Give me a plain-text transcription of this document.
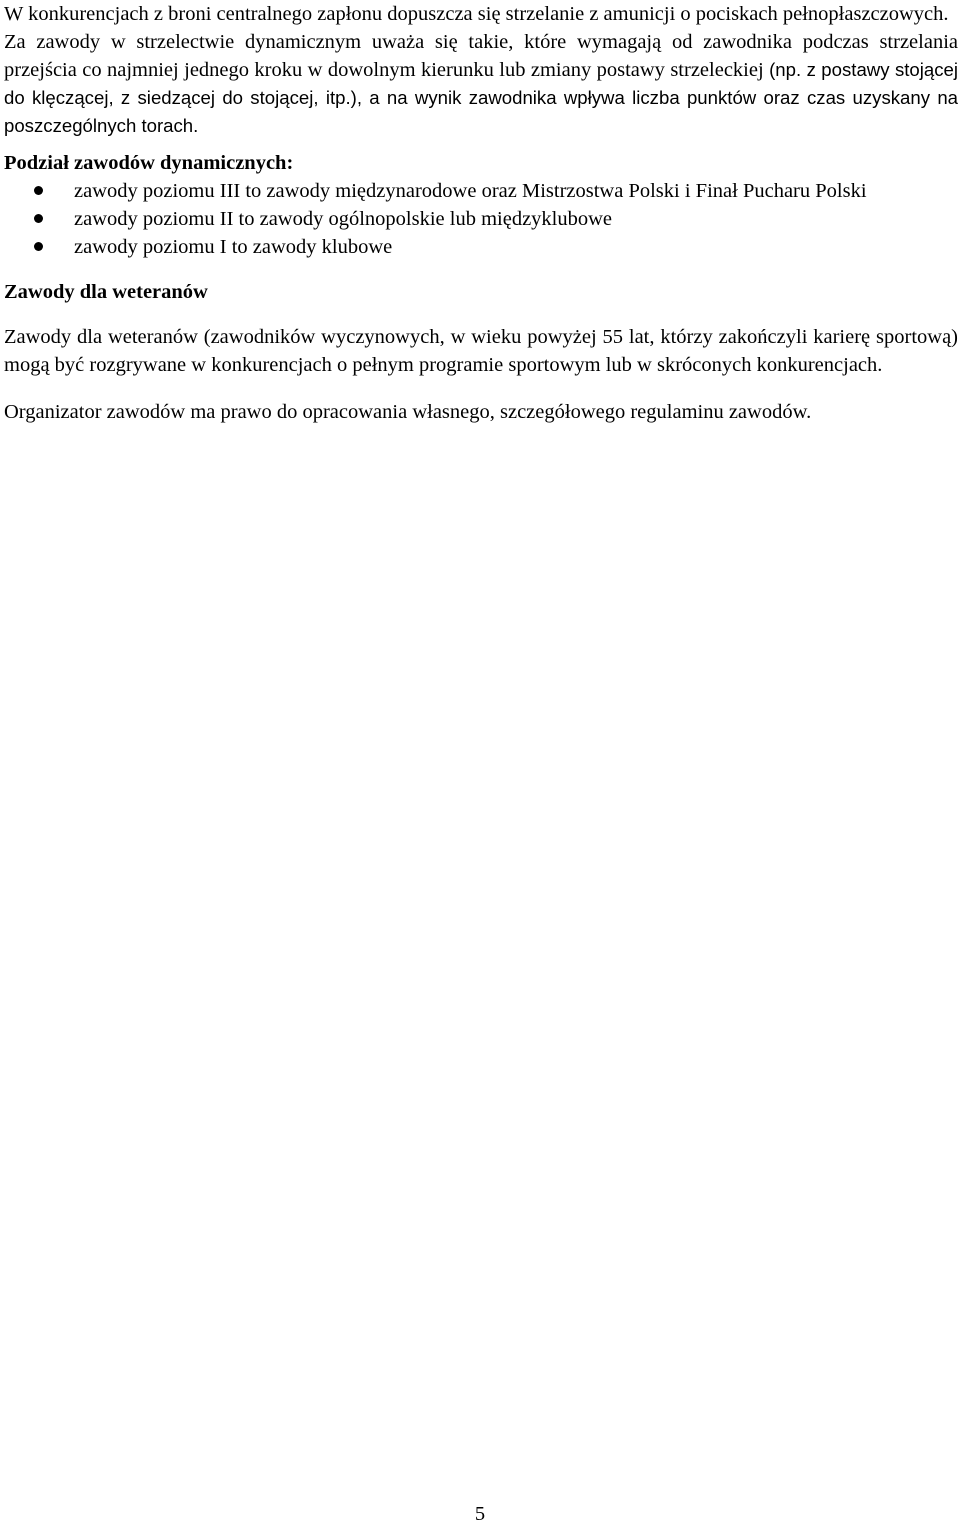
W konkurencjach z broni centralnego zapłonu dopuszcza się strzelanie z amunicji o pociskach pełnopłaszczowych.

Za zawody w strzelectwie dynamicznym uważa się takie, które wymagają od zawodnika podczas strzelania przejścia co najmniej jednego kroku w dowolnym kierunku lub zmiany postawy strzeleckiej (np. z postawy stojącej do klęczącej, z siedzącej do stojącej, itp.), a na wynik zawodnika wpływa liczba punktów oraz czas uzyskany na poszczególnych torach.

Podział zawodów dynamicznych:

zawody poziomu III to zawody międzynarodowe oraz Mistrzostwa Polski i Finał Pucharu Polski
zawody poziomu II to zawody ogólnopolskie lub międzyklubowe
zawody poziomu I to zawody klubowe

Zawody dla weteranów

Zawody dla weteranów (zawodników wyczynowych, w wieku powyżej 55 lat, którzy zakończyli karierę sportową) mogą być rozgrywane w konkurencjach o pełnym programie sportowym lub w skróconych konkurencjach.

Organizator zawodów ma prawo do opracowania własnego, szczegółowego regulaminu zawodów.

5
